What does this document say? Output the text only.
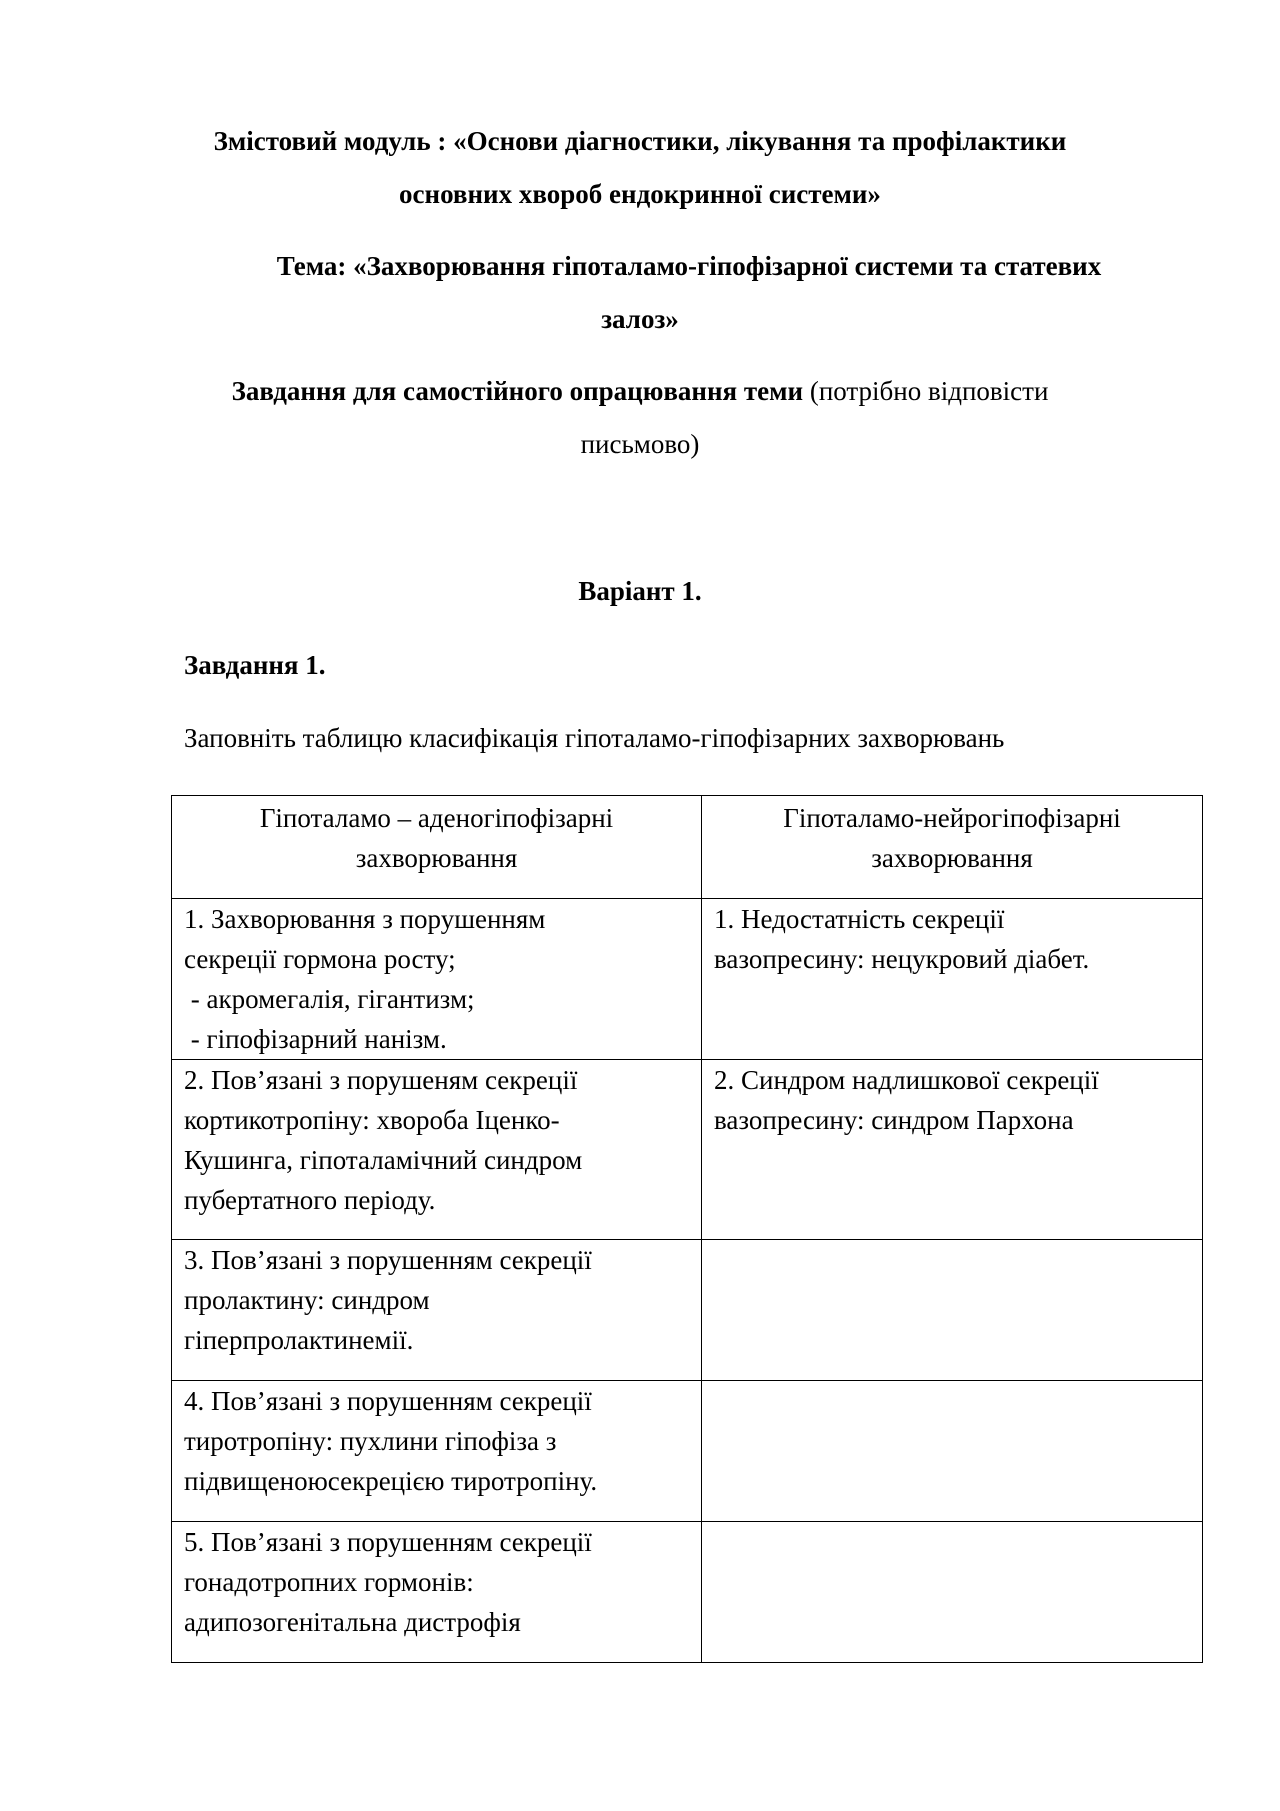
Змістовий модуль : «Основи діагностики, лікування та профілактики
основних хвороб ендокринної системи»
Тема: «Захворювання гіпоталамо-гіпофізарної системи та статевих
залоз»
Завдання для самостійного опрацювання теми (потрібно відповісти
письмово)
Варіант 1.
Завдання 1.
Заповніть таблицю класифікація гіпоталамо-гіпофізарних захворювань
Гіпоталамо – аденогіпофізарні
захворювання	Гіпоталамо-нейрогіпофізарні
захворювання

1. Захворювання з порушенням
секреції гормона росту;
- акромегалія, гігантизм;
- гіпофізарний нанізм.	1. Недостатність секреції
вазопресину: нецукровий діабет.

2. Пов’язані з порушеням секреції
кортикотропіну: хвороба Іценко-
Кушинга, гіпоталамічний синдром
пубертатного періоду.	2. Синдром надлишкової секреції
вазопресину: синдром Пархона

3. Пов’язані з порушенням секреції
пролактину: синдром
гіперпролактинемії.	

4. Пов’язані з порушенням секреції
тиротропіну: пухлини гіпофіза з
підвищеноюсекрецією тиротропіну.	

5. Пов’язані з порушенням секреції
гонадотропних гормонів:
адипозогенітальна дистрофія	
